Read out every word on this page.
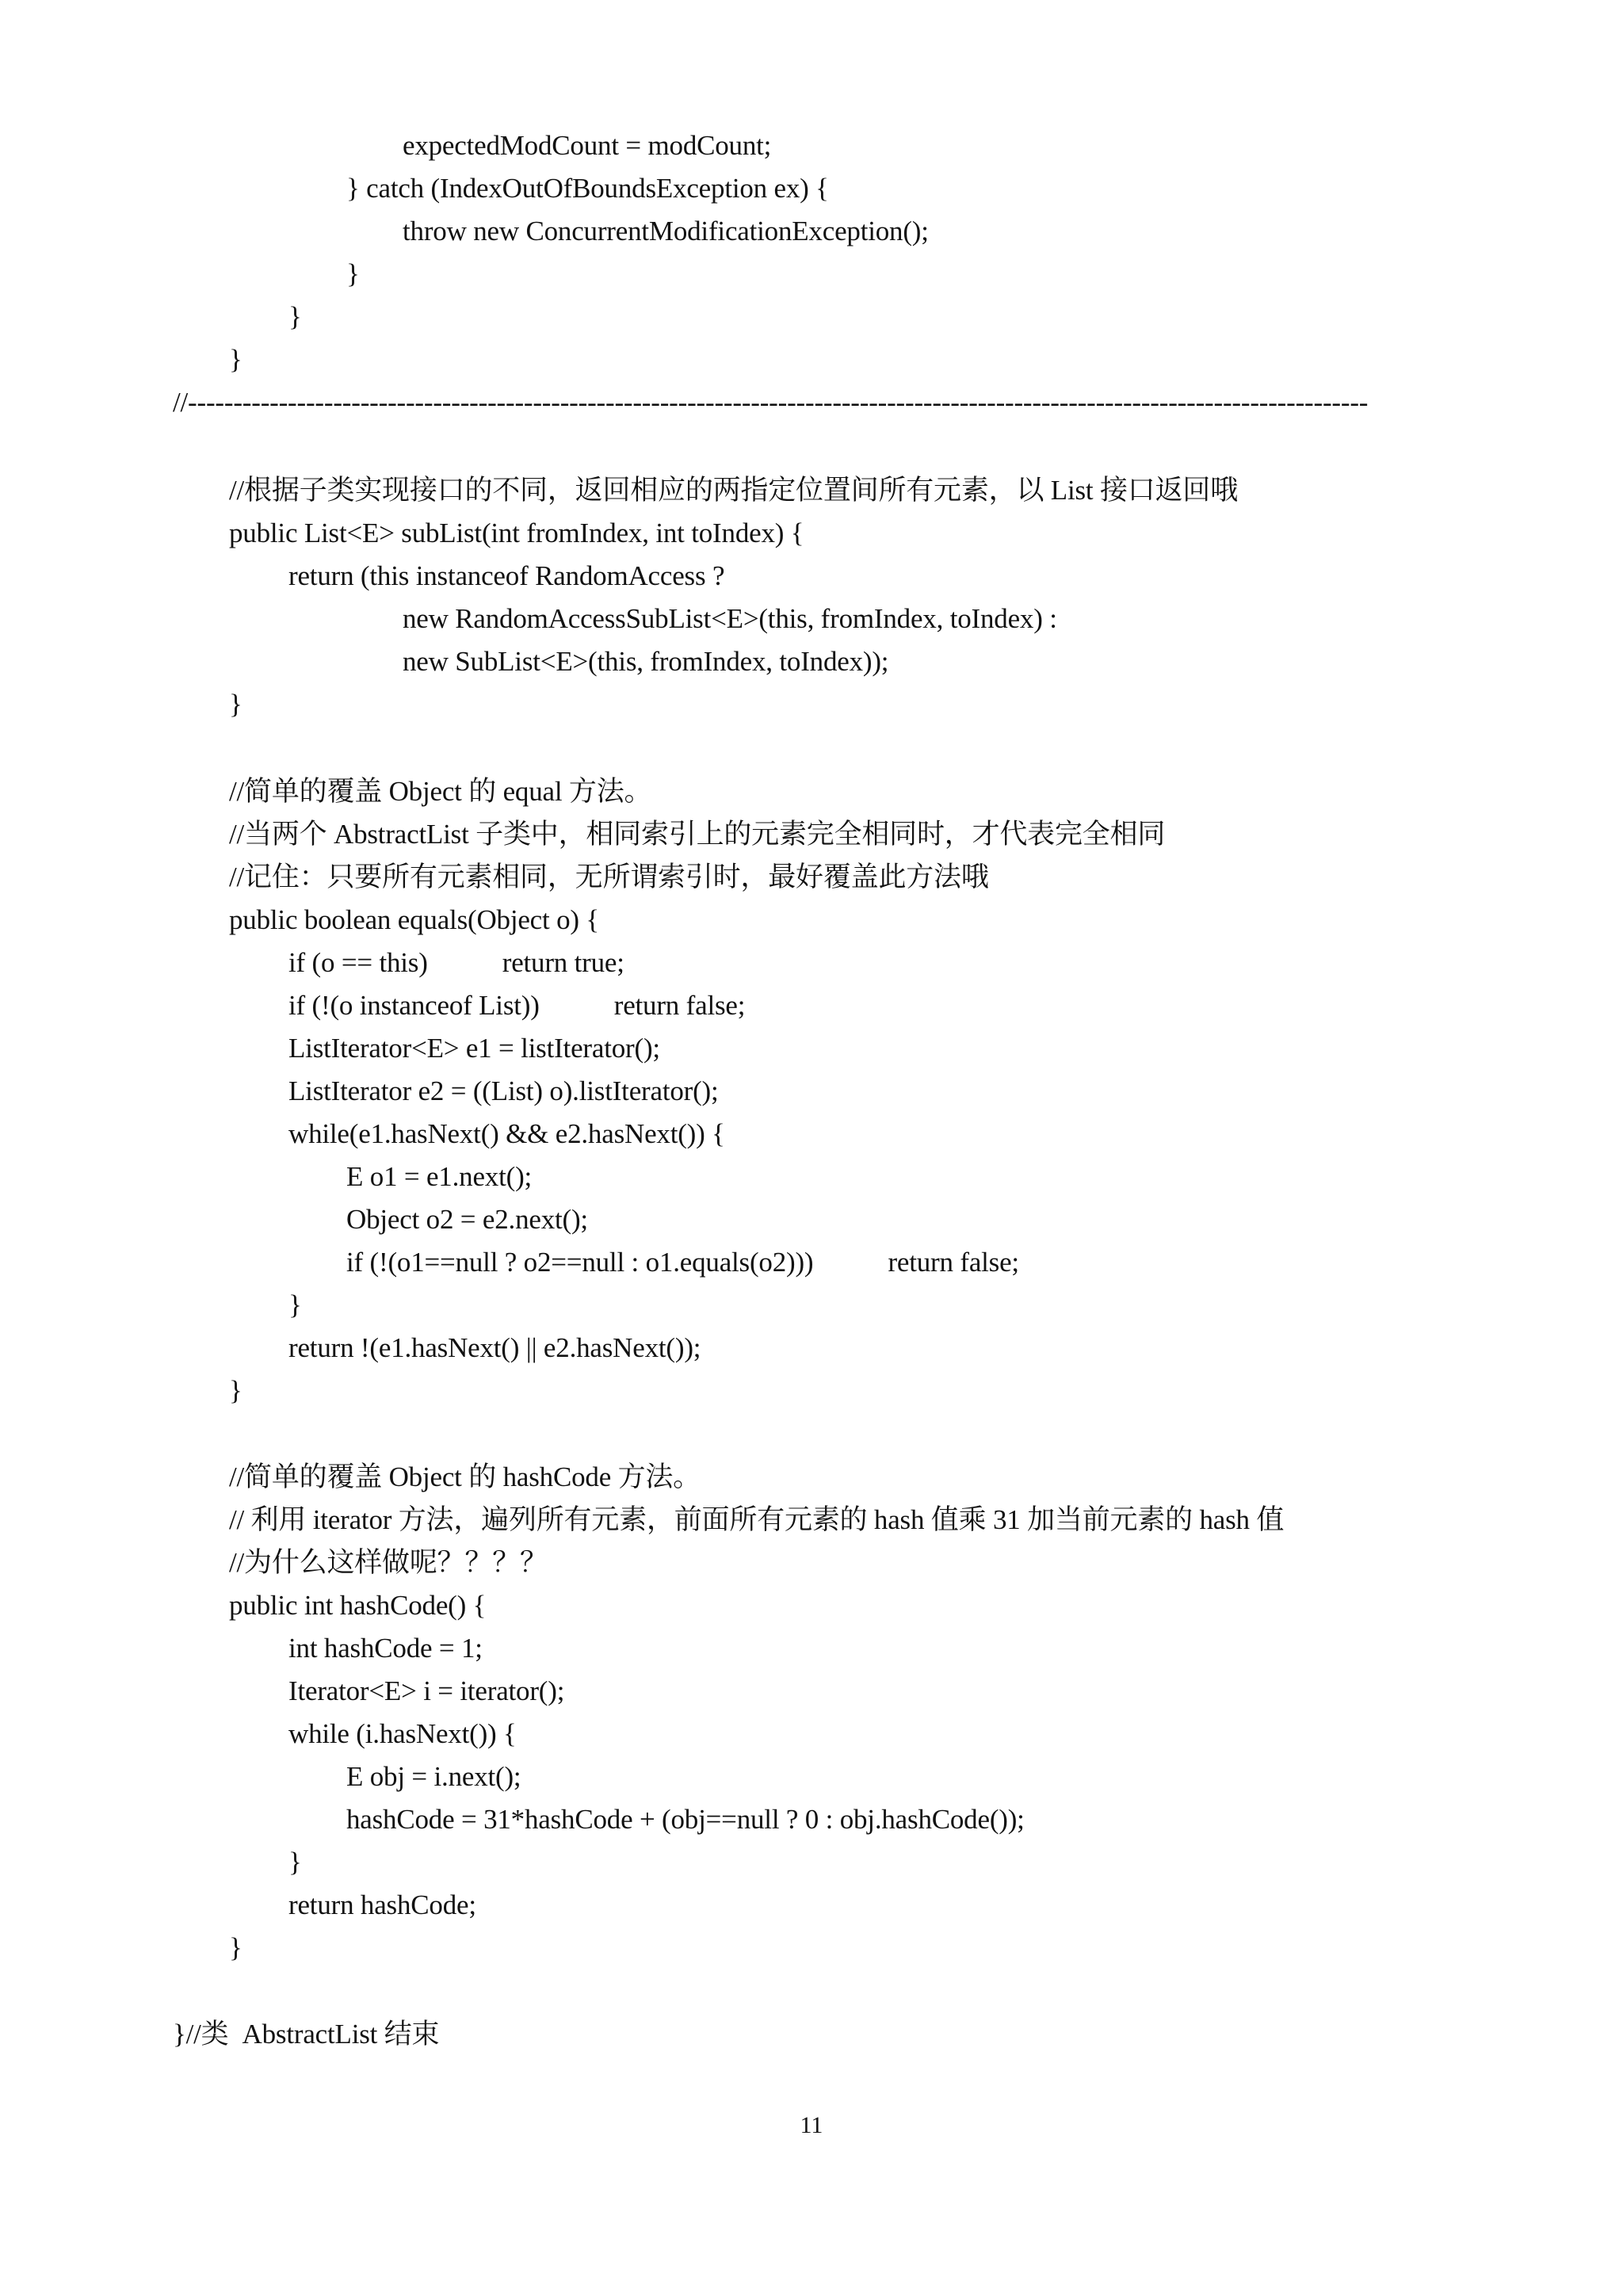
expectedModCount = modCount;
} catch (IndexOutOfBoundsException ex) {
throw new ConcurrentModificationException();
}
}
}
//----------------------------------------------------------------------------------------------------------------------------------
//根据子类实现接口的不同，返回相应的两指定位置间所有元素，以 List 接口返回哦
public List<E> subList(int fromIndex, int toIndex) {
return (this instanceof RandomAccess ?
new RandomAccessSubList<E>(this, fromIndex, toIndex) :
new SubList<E>(this, fromIndex, toIndex));
}
//简单的覆盖 Object 的 equal 方法。
//当两个 AbstractList 子类中，相同索引上的元素完全相同时，才代表完全相同
//记住：只要所有元素相同，无所谓索引时，最好覆盖此方法哦
public boolean equals(Object o) {
if (o == this)           return true;
if (!(o instanceof List))           return false;
ListIterator<E> e1 = listIterator();
ListIterator e2 = ((List) o).listIterator();
while(e1.hasNext() && e2.hasNext()) {
E o1 = e1.next();
Object o2 = e2.next();
if (!(o1==null ? o2==null : o1.equals(o2)))           return false;
}
return !(e1.hasNext() || e2.hasNext());
}
//简单的覆盖 Object 的 hashCode 方法。
// 利用 iterator 方法，遍列所有元素，前面所有元素的 hash 值乘 31 加当前元素的 hash 值
//为什么这样做呢？？？？
public int hashCode() {
int hashCode = 1;
Iterator<E> i = iterator();
while (i.hasNext()) {
E obj = i.next();
hashCode = 31*hashCode + (obj==null ? 0 : obj.hashCode());
}
return hashCode;
}
}//类  AbstractList 结束
11
